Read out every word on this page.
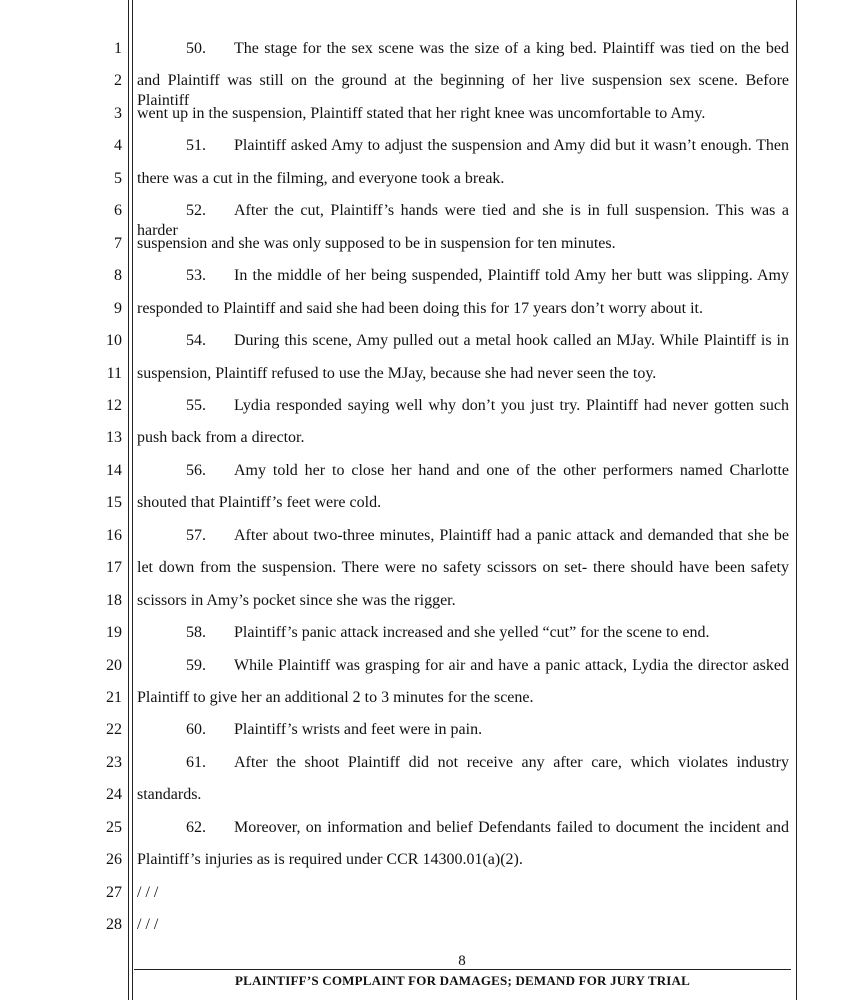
1
2
3
4
5
6
7
8
9
10
11
12
13
14
15
16
17
18
19
20
21
22
23
24
25
26
27
28
50. The stage for the sex scene was the size of a king bed. Plaintiff was tied on the bed
and Plaintiff was still on the ground at the beginning of her live suspension sex scene. Before Plaintiff
went up in the suspension, Plaintiff stated that her right knee was uncomfortable to Amy.
51. Plaintiff asked Amy to adjust the suspension and Amy did but it wasn’t enough. Then
there was a cut in the filming, and everyone took a break.
52. After the cut, Plaintiff’s hands were tied and she is in full suspension. This was a harder
suspension and she was only supposed to be in suspension for ten minutes.
53. In the middle of her being suspended, Plaintiff told Amy her butt was slipping. Amy
responded to Plaintiff and said she had been doing this for 17 years don’t worry about it.
54. During this scene, Amy pulled out a metal hook called an MJay. While Plaintiff is in
suspension, Plaintiff refused to use the MJay, because she had never seen the toy.
55. Lydia responded saying well why don’t you just try. Plaintiff had never gotten such
push back from a director.
56. Amy told her to close her hand and one of the other performers named Charlotte
shouted that Plaintiff’s feet were cold.
57. After about two-three minutes, Plaintiff had a panic attack and demanded that she be
let down from the suspension. There were no safety scissors on set- there should have been safety
scissors in Amy’s pocket since she was the rigger.
58. Plaintiff’s panic attack increased and she yelled “cut” for the scene to end.
59. While Plaintiff was grasping for air and have a panic attack, Lydia the director asked
Plaintiff to give her an additional 2 to 3 minutes for the scene.
60. Plaintiff’s wrists and feet were in pain.
61. After the shoot Plaintiff did not receive any after care, which violates industry
standards.
62. Moreover, on information and belief Defendants failed to document the incident and
Plaintiff’s injuries as is required under CCR 14300.01(a)(2).
/ / /
/ / /
8
PLAINTIFF’S COMPLAINT FOR DAMAGES; DEMAND FOR JURY TRIAL
